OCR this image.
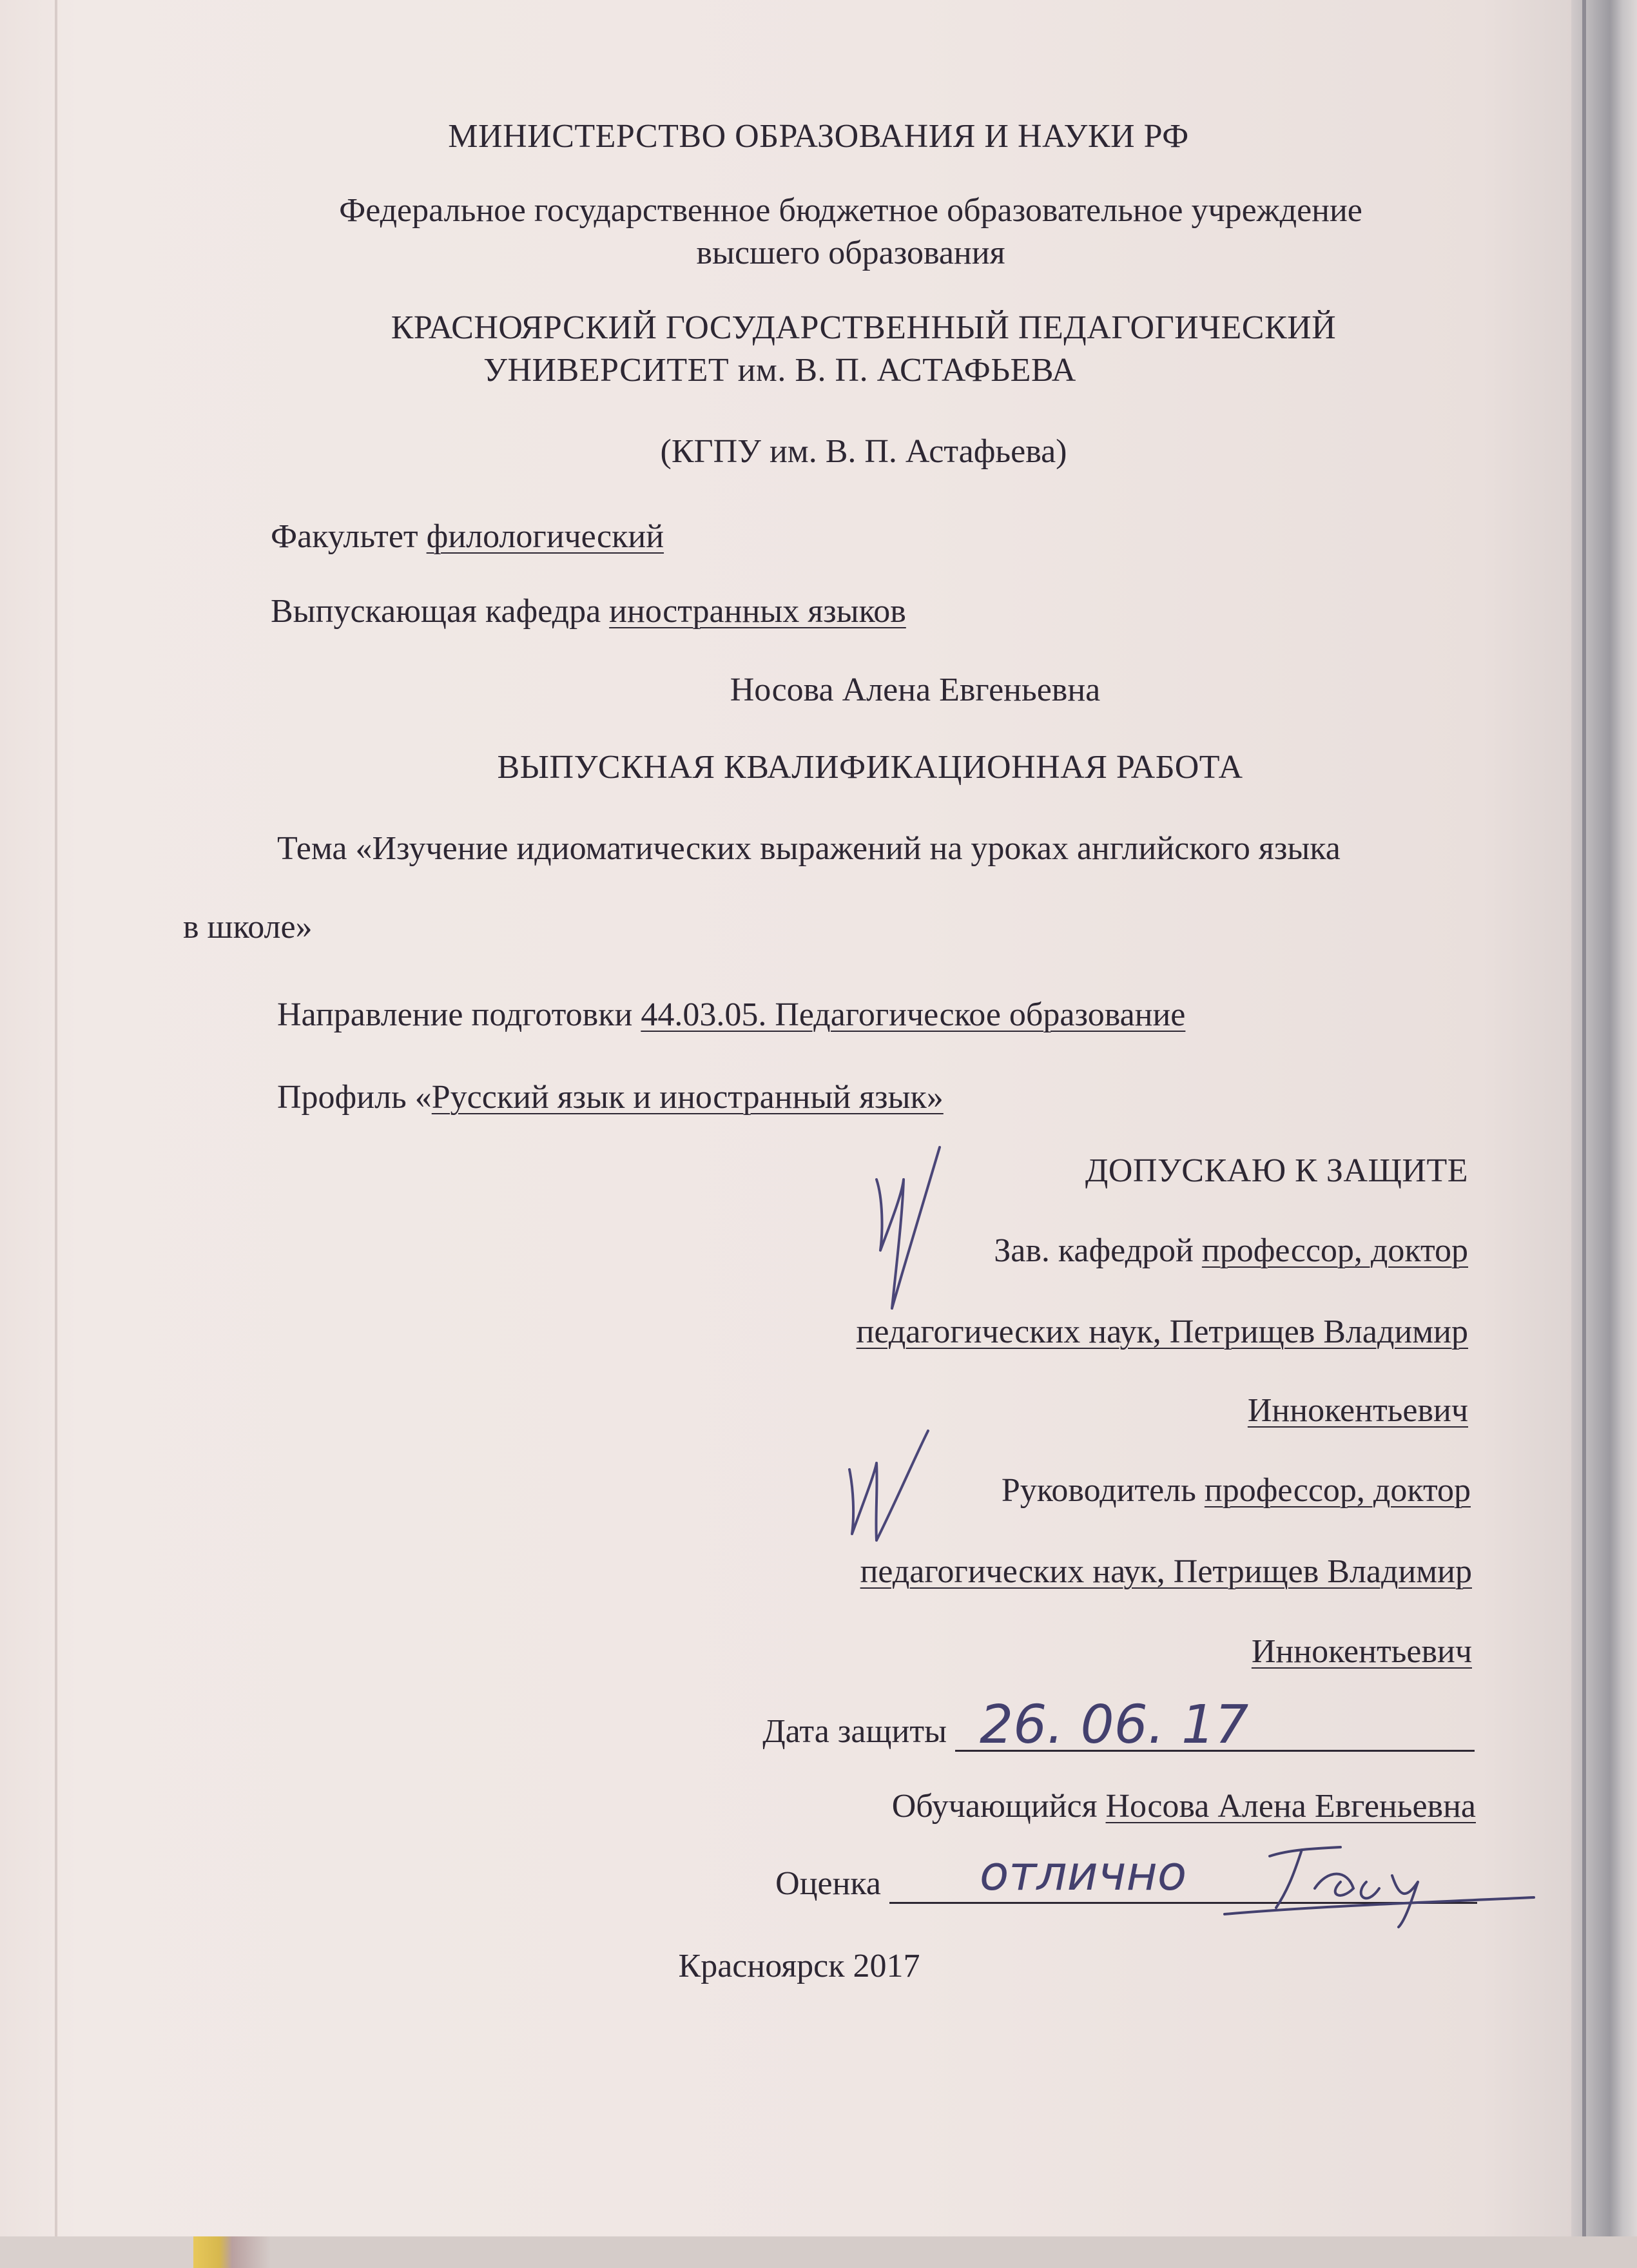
МИНИСТЕРСТВО ОБРАЗОВАНИЯ И НАУКИ РФ
Федеральное государственное бюджетное образовательное учреждение
высшего образования
КРАСНОЯРСКИЙ ГОСУДАРСТВЕННЫЙ ПЕДАГОГИЧЕСКИЙ
УНИВЕРСИТЕТ им. В. П. АСТАФЬЕВА
(КГПУ им. В. П. Астафьева)
Факультет филологический
Выпускающая кафедра иностранных языков
Носова Алена Евгеньевна
ВЫПУСКНАЯ КВАЛИФИКАЦИОННАЯ РАБОТА
Тема «Изучение идиоматических выражений на уроках английского языка
в школе»
Направление подготовки 44.03.05. Педагогическое образование
Профиль «Русский язык и иностранный язык»
ДОПУСКАЮ К ЗАЩИТЕ
Зав. кафедрой профессор, доктор
педагогических наук, Петрищев Владимир
Иннокентьевич
Руководитель профессор, доктор
педагогических наук, Петрищев Владимир
Иннокентьевич
Дата защиты
Обучающийся Носова Алена Евгеньевна
Оценка
Красноярск 2017
26. 06. 17
отлично
